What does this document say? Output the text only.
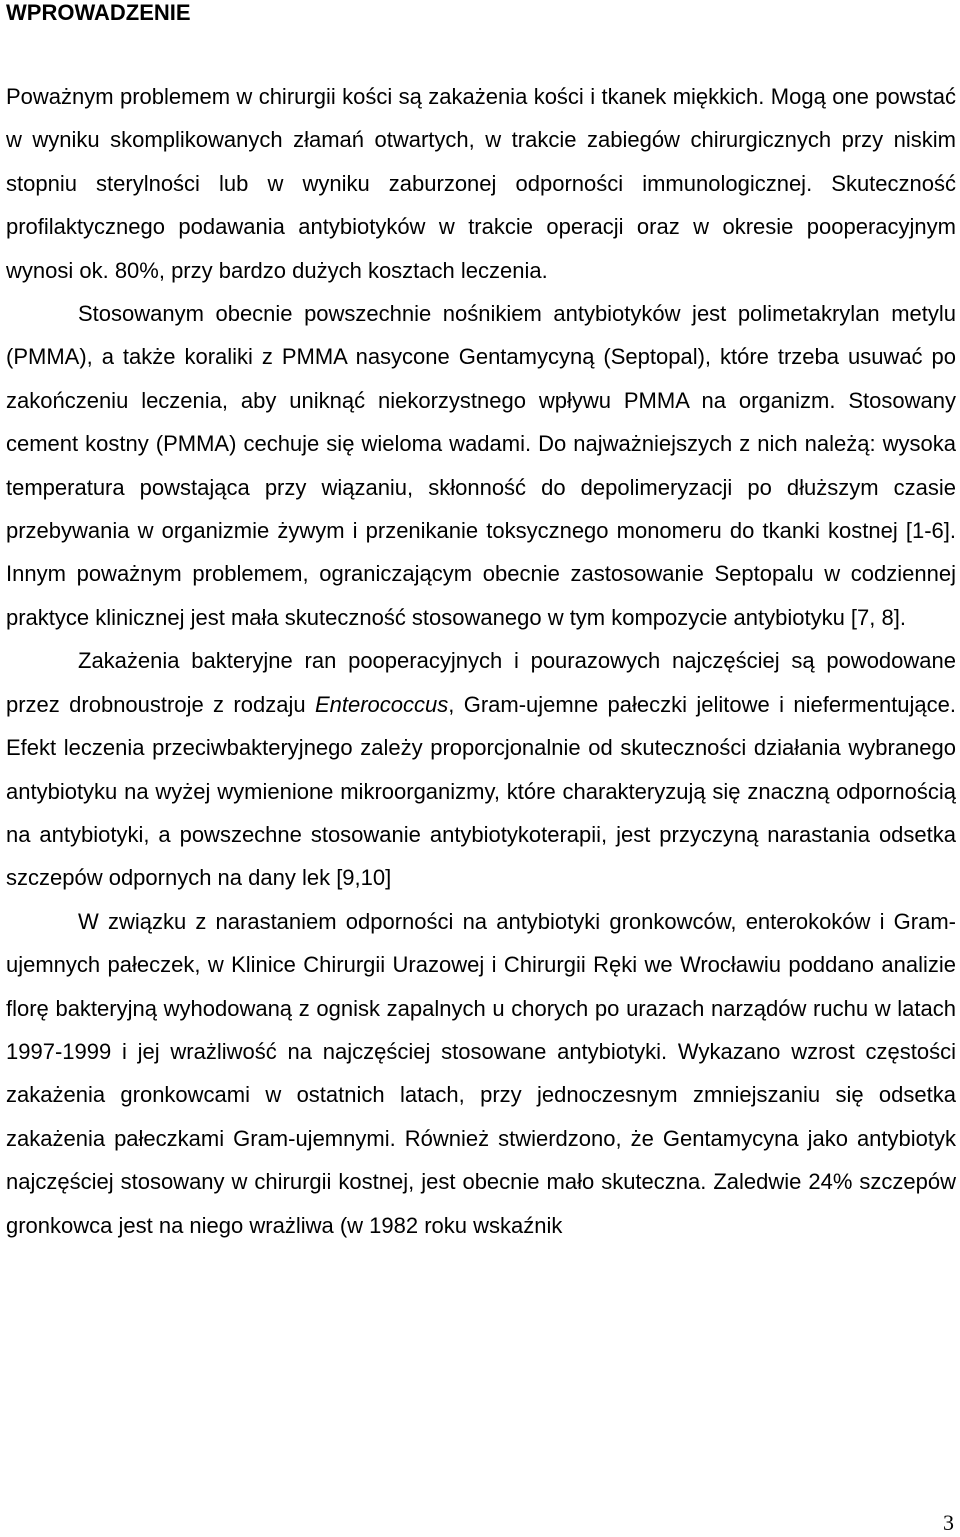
WPROWADZENIE

Poważnym problemem w chirurgii kości są zakażenia kości i tkanek miękkich. Mogą one powstać w wyniku skomplikowanych złamań otwartych, w trakcie zabiegów chirurgicznych przy niskim stopniu sterylności lub w wyniku zaburzonej odporności immunologicznej. Skuteczność profilaktycznego podawania antybiotyków w trakcie operacji oraz w okresie pooperacyjnym wynosi ok. 80%, przy bardzo dużych kosztach leczenia.

Stosowanym obecnie powszechnie nośnikiem antybiotyków jest polimetakrylan metylu (PMMA), a także koraliki z PMMA nasycone Gentamycyną (Septopal), które trzeba usuwać po zakończeniu leczenia, aby uniknąć niekorzystnego wpływu PMMA na organizm. Stosowany cement kostny (PMMA) cechuje się wieloma wadami. Do najważniejszych z nich należą: wysoka temperatura powstająca przy wiązaniu, skłonność do depolimeryzacji po dłuższym czasie przebywania w organizmie żywym i przenikanie toksycznego monomeru do tkanki kostnej [1-6]. Innym poważnym problemem, ograniczającym obecnie zastosowanie Septopalu w codziennej praktyce klinicznej jest mała skuteczność stosowanego w tym kompozycie antybiotyku [7, 8].

Zakażenia bakteryjne ran pooperacyjnych i pourazowych najczęściej są powodowane przez drobnoustroje z rodzaju Enterococcus, Gram-ujemne pałeczki jelitowe i niefermentujące. Efekt leczenia przeciwbakteryjnego zależy proporcjonalnie od skuteczności działania wybranego antybiotyku na wyżej wymienione mikroorganizmy, które charakteryzują się znaczną odpornością na antybiotyki, a powszechne stosowanie antybiotykoterapii, jest przyczyną narastania odsetka szczepów odpornych na dany lek [9,10]

W związku z narastaniem odporności na antybiotyki gronkowców, enterokoków i Gram-ujemnych pałeczek, w Klinice Chirurgii Urazowej i Chirurgii Ręki we Wrocławiu poddano analizie florę bakteryjną wyhodowaną z ognisk zapalnych u chorych po urazach narządów ruchu w latach 1997-1999 i jej wrażliwość na najczęściej stosowane antybiotyki. Wykazano wzrost częstości zakażenia gronkowcami w ostatnich latach, przy jednoczesnym zmniejszaniu się odsetka zakażenia pałeczkami Gram-ujemnymi. Również stwierdzono, że Gentamycyna jako antybiotyk najczęściej stosowany w chirurgii kostnej, jest obecnie mało skuteczna. Zaledwie 24% szczepów gronkowca jest na niego wrażliwa (w 1982 roku wskaźnik

3
